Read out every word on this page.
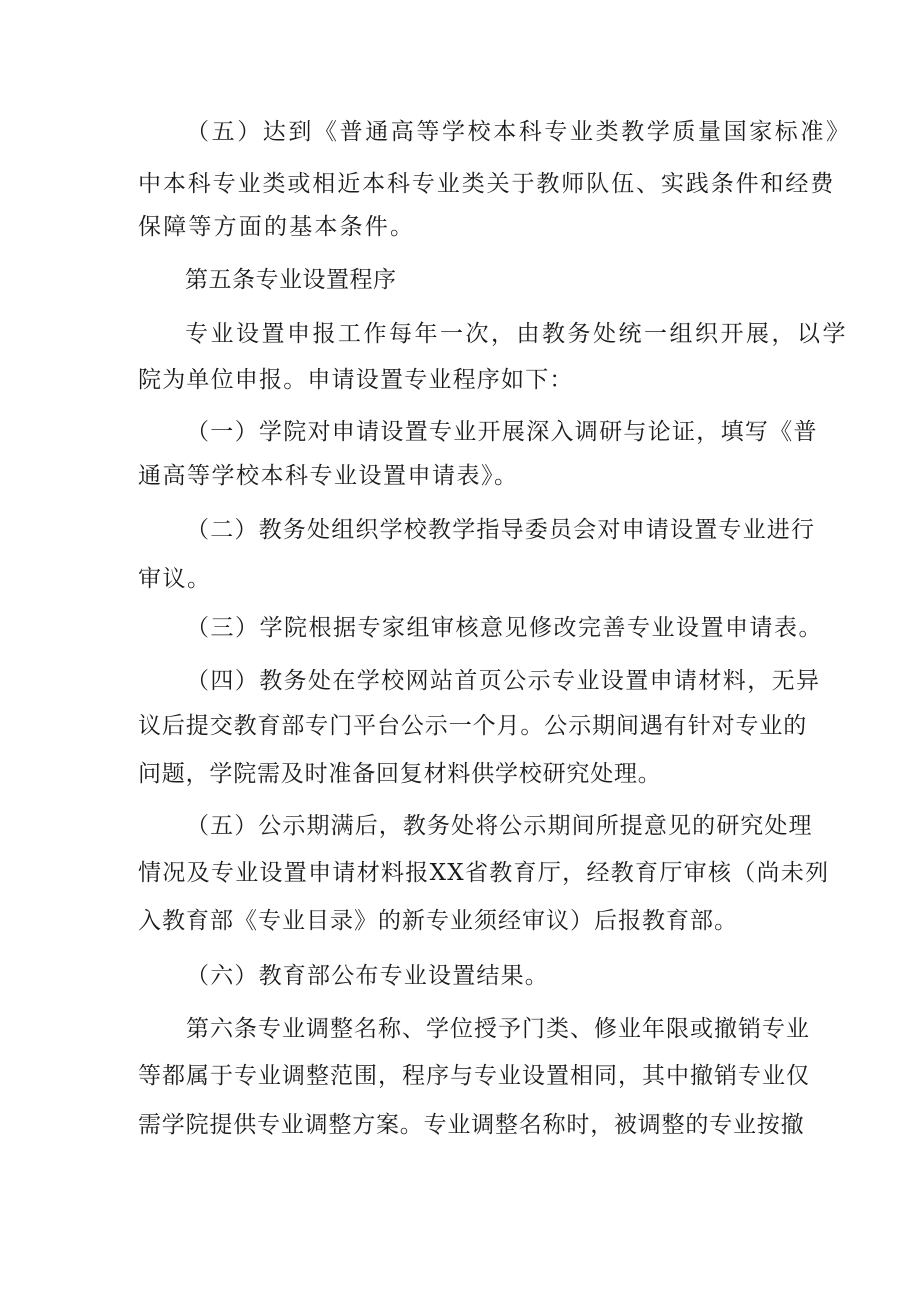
（五）达到《普通高等学校本科专业类教学质量国家标准》
中本科专业类或相近本科专业类关于教师队伍、实践条件和经费
保障等方面的基本条件。
第五条专业设置程序
专业设置申报工作每年一次，由教务处统一组织开展，以学
院为单位申报。申请设置专业程序如下：
（一）学院对申请设置专业开展深入调研与论证，填写《普
通高等学校本科专业设置申请表》。
（二）教务处组织学校教学指导委员会对申请设置专业进行
审议。
（三）学院根据专家组审核意见修改完善专业设置申请表。
（四）教务处在学校网站首页公示专业设置申请材料，无异
议后提交教育部专门平台公示一个月。公示期间遇有针对专业的
问题，学院需及时准备回复材料供学校研究处理。
（五）公示期满后，教务处将公示期间所提意见的研究处理
情况及专业设置申请材料报XX省教育厅，经教育厅审核（尚未列
入教育部《专业目录》的新专业须经审议）后报教育部。
（六）教育部公布专业设置结果。
第六条专业调整名称、学位授予门类、修业年限或撤销专业
等都属于专业调整范围，程序与专业设置相同，其中撤销专业仅
需学院提供专业调整方案。专业调整名称时，被调整的专业按撤
